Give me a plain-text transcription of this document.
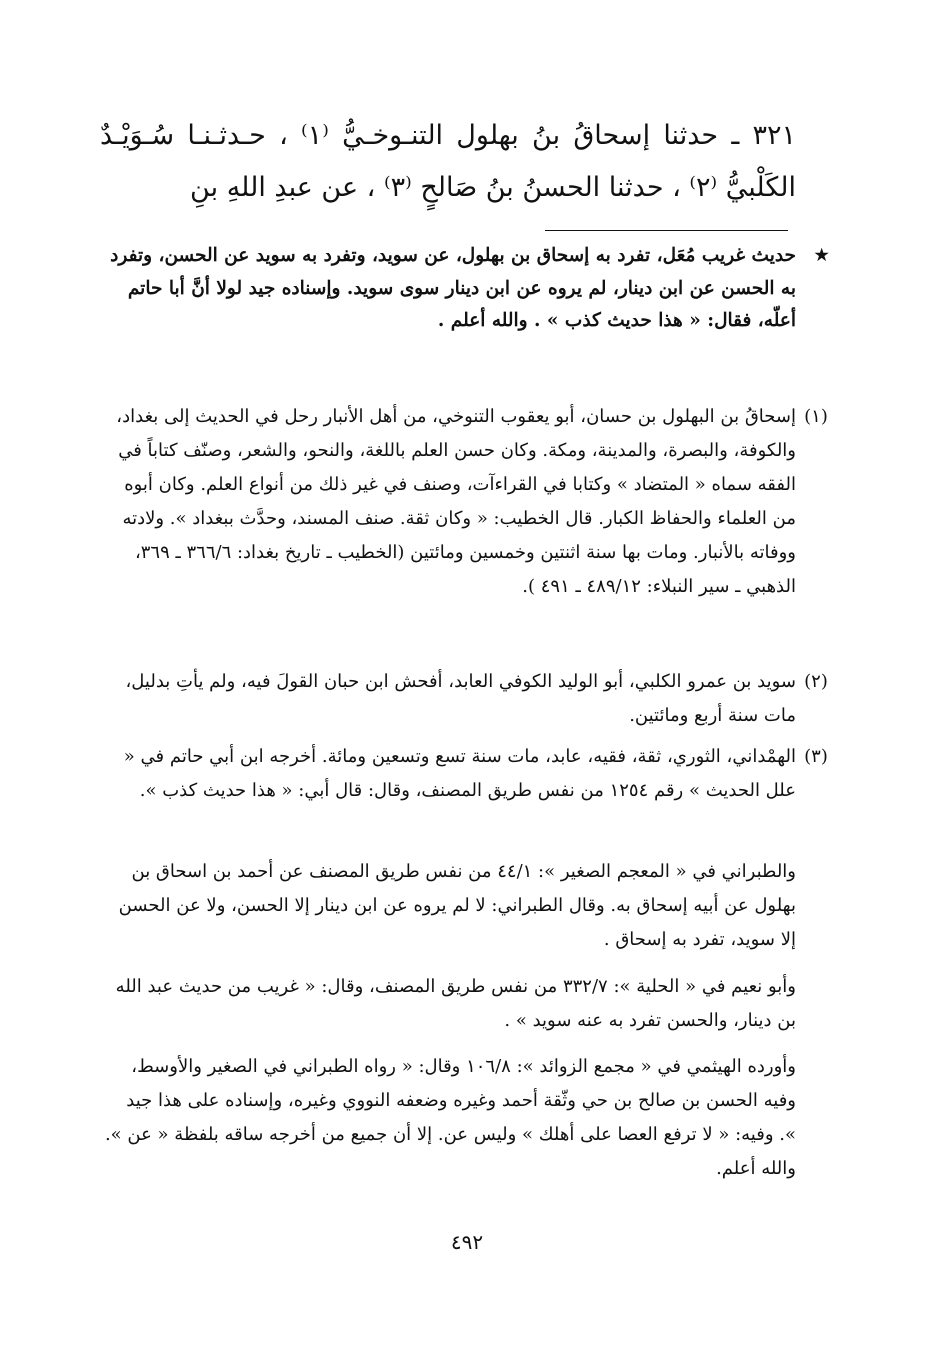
٣٢١ ـ حدثنا إسحاقُ بنُ بهلول التنـوخـيُّ ⁽١⁾ ، حـدثـنـا سُـوَيْـدٌ الكَلْبيُّ ⁽٢⁾ ، حدثنا الحسنُ بنُ صَالحٍ ⁽٣⁾ ، عن عبدِ اللهِ بنِ
★
حديث غريب مُعَل، تفرد به إسحاق بن بهلول، عن سويد، وتفرد به سويد عن الحسن، وتفرد به الحسن عن ابن دينار، لم يروه عن ابن دينار سوى سويد. وإسناده جيد لولا أنَّ أبا حاتم أعلّه، فقال: « هذا حديث كذب » . والله أعلم .
(١)
إسحاقُ بن البهلول بن حسان، أبو يعقوب التنوخي، من أهل الأنبار رحل في الحديث إلى بغداد، والكوفة، والبصرة، والمدينة، ومكة. وكان حسن العلم باللغة، والنحو، والشعر، وصنّف كتاباً في الفقه سماه « المتضاد » وكتابا في القراءآت، وصنف في غير ذلك من أنواع العلم. وكان أبوه من العلماء والحفاظ الكبار. قال الخطيب: « وكان ثقة. صنف المسند، وحدَّث ببغداد ». ولادته ووفاته بالأنبار. ومات بها سنة اثنتين وخمسين ومائتين (الخطيب ـ تاريخ بغداد: ٣٦٦/٦ ـ ٣٦٩، الذهبي ـ سير النبلاء: ٤٨٩/١٢ ـ ٤٩١ ).
(٢)
سويد بن عمرو الكلبي، أبو الوليد الكوفي العابد، أفحش ابن حبان القولَ فيه، ولم يأتِ بدليل، مات سنة أربع ومائتين.
(٣)
الهمْداني، الثوري، ثقة، فقيه، عابد، مات سنة تسع وتسعين ومائة. أخرجه ابن أبي حاتم في « علل الحديث » رقم ١٢٥٤ من نفس طريق المصنف، وقال: قال أبي: « هذا حديث كذب ».
والطبراني في « المعجم الصغير »: ٤٤/١ من نفس طريق المصنف عن أحمد بن اسحاق بن بهلول عن أبيه إسحاق به. وقال الطبراني: لا لم يروه عن ابن دينار إلا الحسن، ولا عن الحسن إلا سويد، تفرد به إسحاق .
وأبو نعيم في « الحلية »: ٣٣٢/٧ من نفس طريق المصنف، وقال: « غريب من حديث عبد الله بن دينار، والحسن تفرد به عنه سويد » .
وأورده الهيثمي في « مجمع الزوائد »: ١٠٦/٨ وقال: « رواه الطبراني في الصغير والأوسط، وفيه الحسن بن صالح بن حي وثّقة أحمد وغيره وضعفه النووي وغيره، وإسناده على هذا جيد ». وفيه: « لا ترفع العصا على أهلك » وليس عن. إلا أن جميع من أخرجه ساقه بلفظة « عن ». والله أعلم.
٤٩٢
